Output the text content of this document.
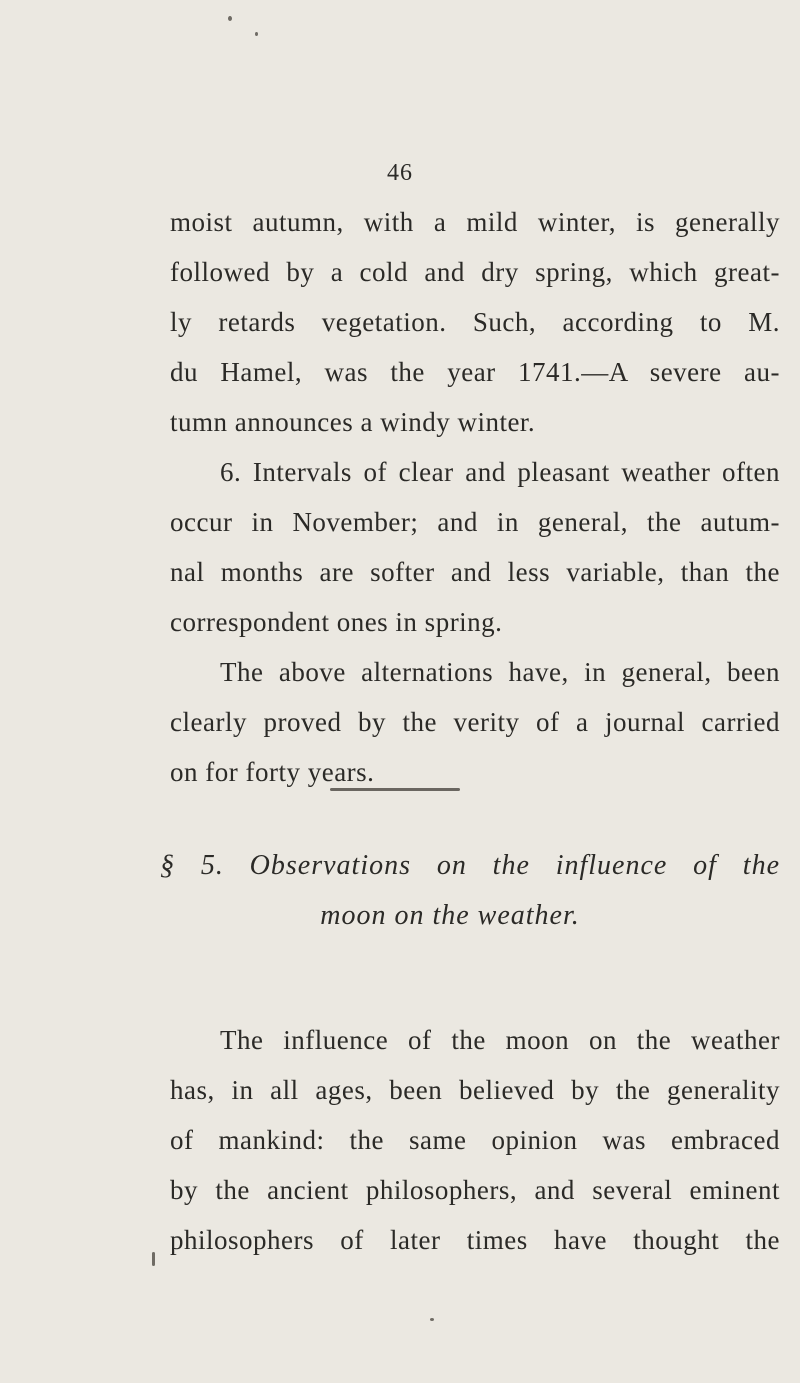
46
moist autumn, with a mild winter, is generally
followed by a cold and dry spring, which great-
ly retards vegetation. Such, according to M.
du Hamel, was the year 1741.—A severe au-
tumn announces a windy winter.
6. Intervals of clear and pleasant weather often
occur in November; and in general, the autum-
nal months are softer and less variable, than the
correspondent ones in spring.
The above alternations have, in general, been
clearly proved by the verity of a journal carried
on for forty years.
§ 5. Observations on the influence of the
moon on the weather.
The influence of the moon on the weather
has, in all ages, been believed by the generality
of mankind: the same opinion was embraced
by the ancient philosophers, and several eminent
philosophers of later times have thought the
